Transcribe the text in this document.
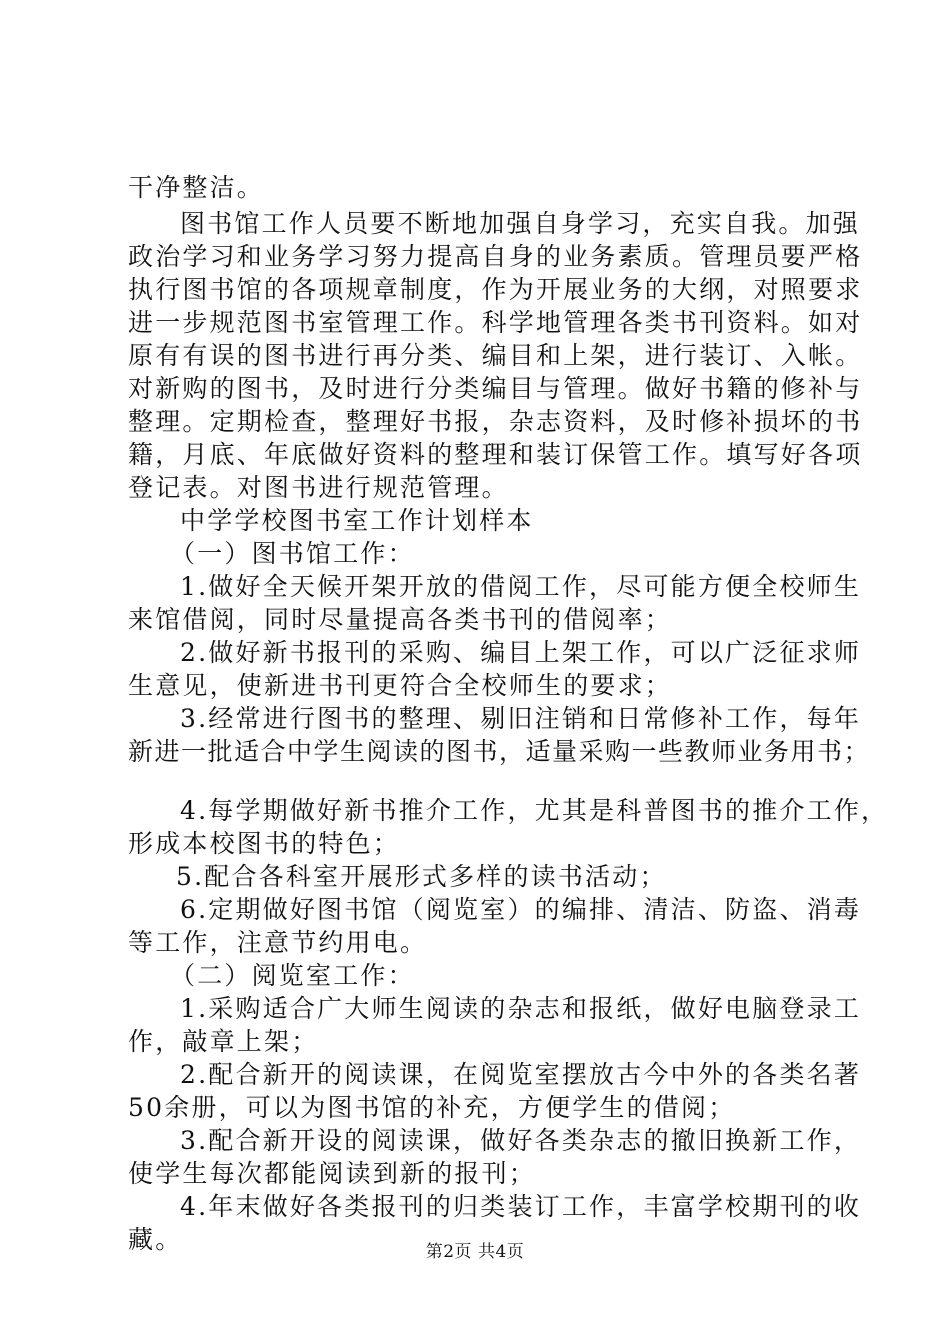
干净整洁。
图书馆工作人员要不断地加强自身学习，充实自我。加强
政治学习和业务学习努力提高自身的业务素质。管理员要严格
执行图书馆的各项规章制度，作为开展业务的大纲，对照要求
进一步规范图书室管理工作。科学地管理各类书刊资料。如对
原有有误的图书进行再分类、编目和上架，进行装订、入帐。
对新购的图书，及时进行分类编目与管理。做好书籍的修补与
整理。定期检查，整理好书报，杂志资料，及时修补损坏的书
籍，月底、年底做好资料的整理和装订保管工作。填写好各项
登记表。对图书进行规范管理。
中学学校图书室工作计划样本
（一）图书馆工作：
1.做好全天候开架开放的借阅工作，尽可能方便全校师生
来馆借阅，同时尽量提高各类书刊的借阅率；
2.做好新书报刊的采购、编目上架工作，可以广泛征求师
生意见，使新进书刊更符合全校师生的要求；
3.经常进行图书的整理、剔旧注销和日常修补工作，每年
新进一批适合中学生阅读的图书，适量采购一些教师业务用书；
4.每学期做好新书推介工作，尤其是科普图书的推介工作，
形成本校图书的特色；
5.配合各科室开展形式多样的读书活动；
6.定期做好图书馆（阅览室）的编排、清洁、防盗、消毒
等工作，注意节约用电。
（二）阅览室工作：
1.采购适合广大师生阅读的杂志和报纸，做好电脑登录工
作，敲章上架；
2.配合新开的阅读课，在阅览室摆放古今中外的各类名著
50余册，可以为图书馆的补充，方便学生的借阅；
3.配合新开设的阅读课，做好各类杂志的撤旧换新工作，
使学生每次都能阅读到新的报刊；
4.年末做好各类报刊的归类装订工作，丰富学校期刊的收
藏。	第2页 共4页
